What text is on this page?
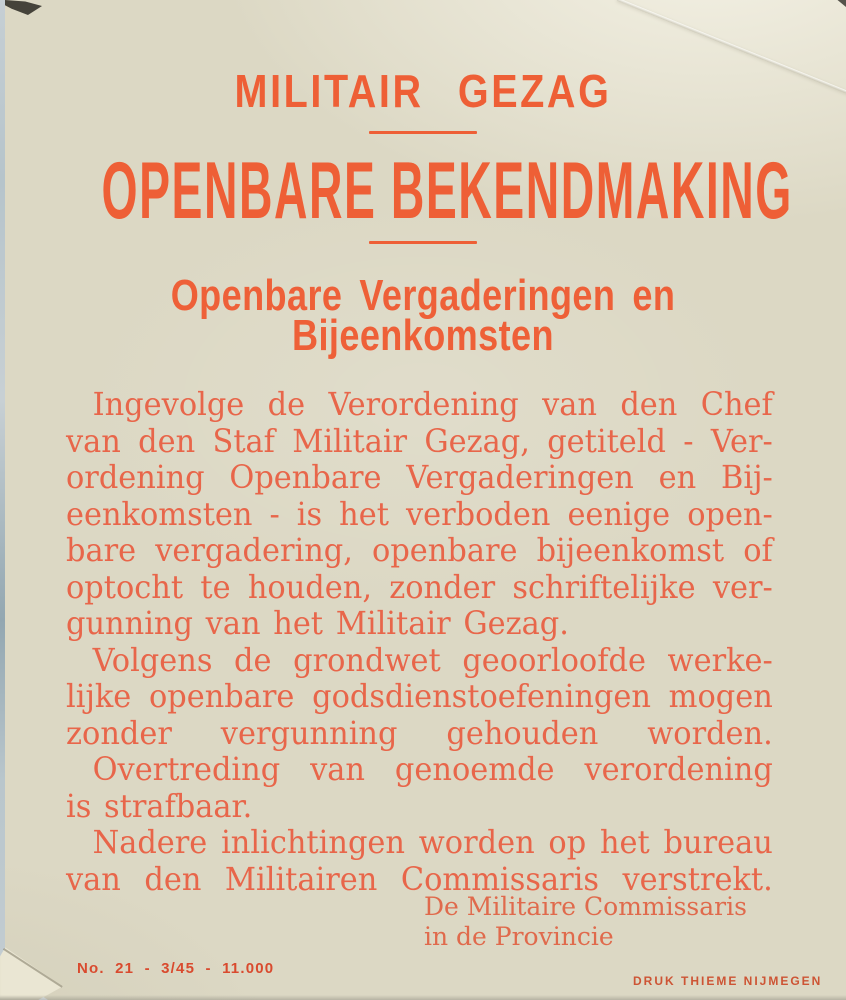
MILITAIR GEZAG
OPENBARE BEKENDMAKING
Openbare Vergaderingen en
Bijeenkomsten
Ingevolge de Verordening van den Chef
van den Staf Militair Gezag, getiteld - Ver-
ordening Openbare Vergaderingen en Bij-
eenkomsten - is het verboden eenige open-
bare vergadering, openbare bijeenkomst of
optocht te houden, zonder schriftelijke ver-
gunning van het Militair Gezag.
Volgens de grondwet geoorloofde werke-
lijke openbare godsdienstoefeningen mogen
zonder vergunning gehouden worden.
Overtreding van genoemde verordening
is strafbaar.
Nadere inlichtingen worden op het bureau
van den Militairen Commissaris verstrekt.
De Militaire Commissaris
in de Provincie
No. 21 - 3/45 - 11.000
DRUK THIEME NIJMEGEN
